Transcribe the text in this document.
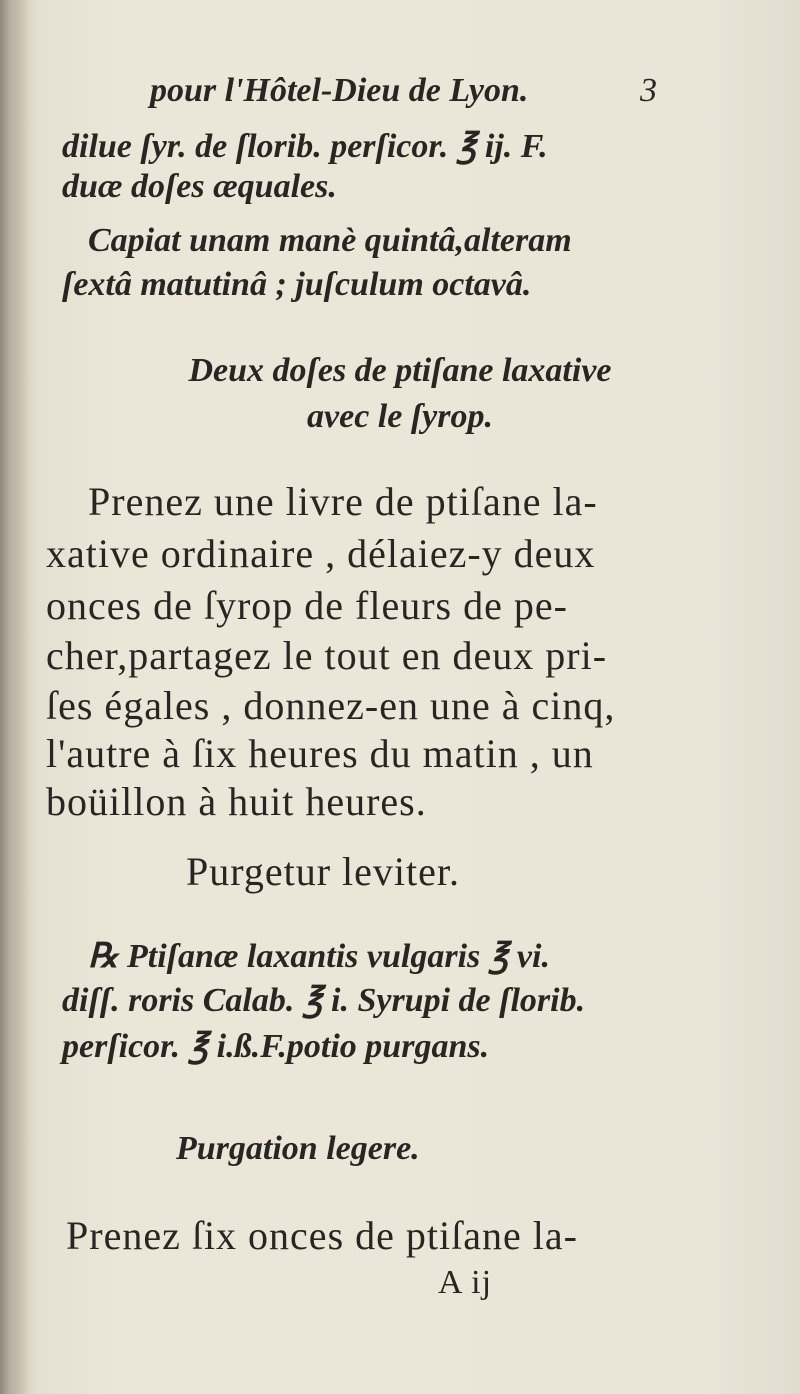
pour l'Hôtel-Dieu de Lyon.	3
dilue ſyr. de ſlorib. perſicor. ℥ ij. F.
duæ doſes æquales.
Capiat unam manè quintâ,alteram
ſextâ matutinâ ; juſculum octavâ.
Deux doſes de ptiſane laxative
avec le ſyrop.
Prenez une livre de ptiſane la-
xative ordinaire , délaiez-y deux
onces de ſyrop de fleurs de pe-
cher,partagez le tout en deux pri-
ſes égales , donnez-en une à cinq,
l'autre à ſix heures du matin , un
boüillon à huit heures.
Purgetur leviter.
℞ Ptiſanæ laxantis vulgaris ℥ vi.
diſſ. roris Calab. ℥ i. Syrupi de ſlorib.
perſicor. ℥ i.ß.F.potio purgans.
Purgation legere.
Prenez ſix onces de ptiſane la-
A ij
